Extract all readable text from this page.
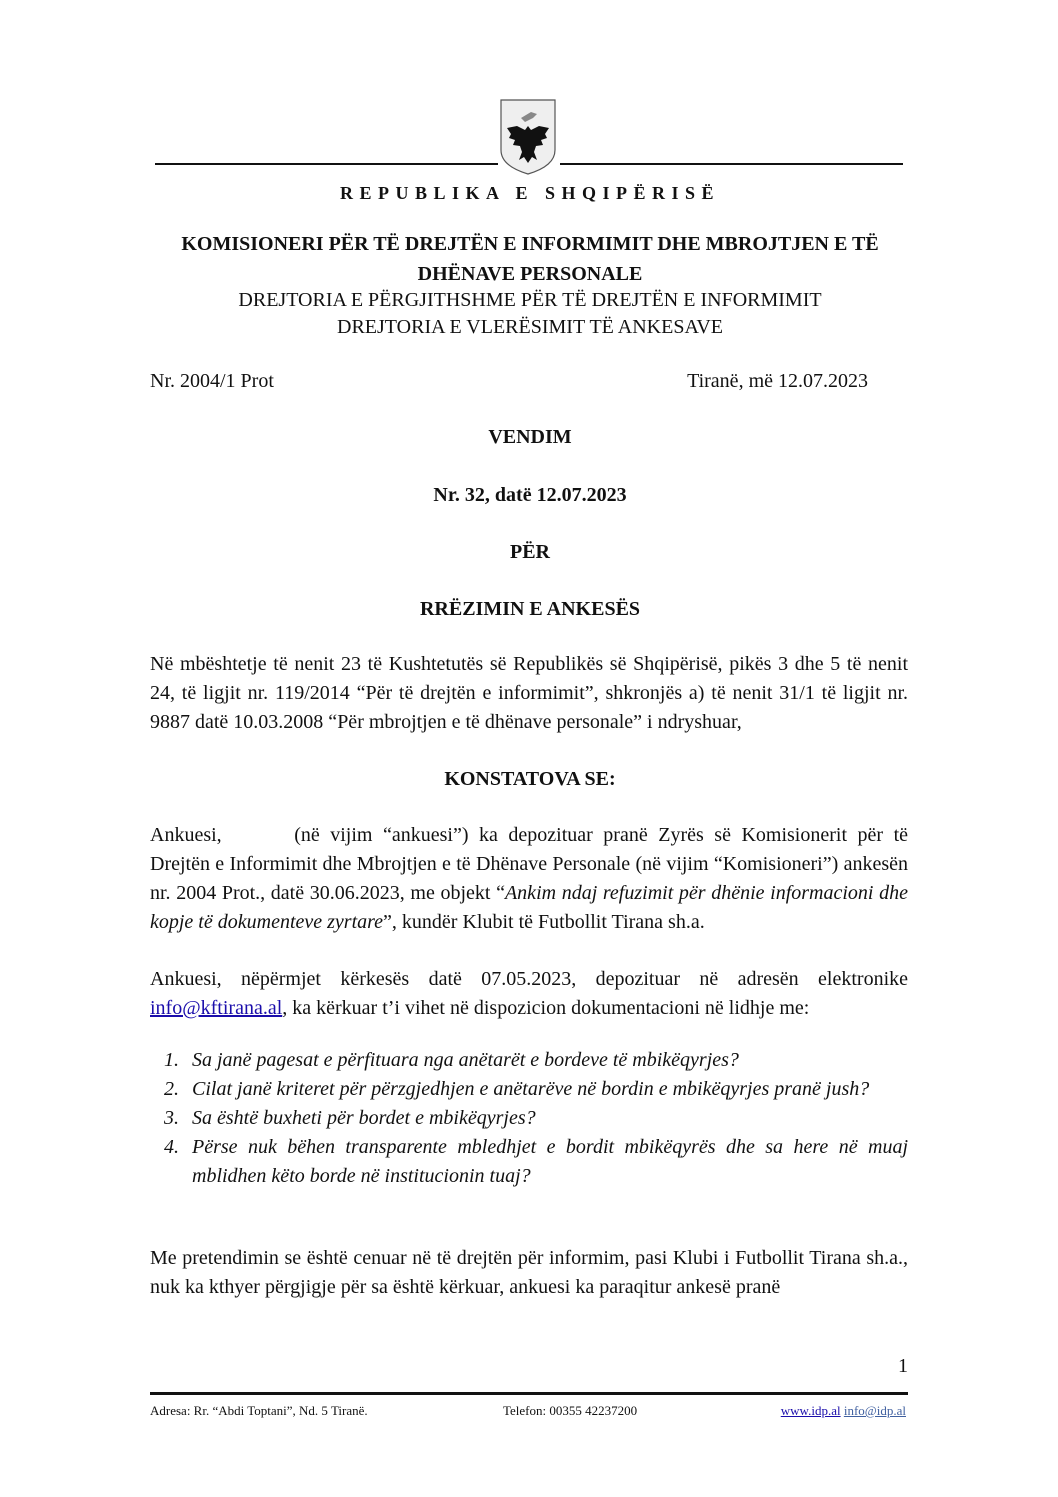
REPUBLIKA E SHQIPËRISË
KOMISIONERI PËR TË DREJTËN E INFORMIMIT DHE MBROJTJEN E TË
DHËNAVE PERSONALE
DREJTORIA E PËRGJITHSHME PËR TË DREJTËN E INFORMIMIT
DREJTORIA E VLERËSIMIT TË ANKESAVE
Nr. 2004/1 Prot	Tiranë, më 12.07.2023
VENDIM
Nr. 32, datë 12.07.2023
PËR
RRËZIMIN E ANKESËS
Në mbështetje të nenit 23 të Kushtetutës së Republikës së Shqipërisë, pikës 3 dhe 5 të nenit 24, të ligjit nr. 119/2014 “Për të drejtën e informimit”, shkronjës a) të nenit 31/1 të ligjit nr. 9887 datë 10.03.2008 “Për mbrojtjen e të dhënave personale” i ndryshuar,
KONSTATOVA SE:
Ankuesi,	(në vijim “ankuesi”) ka depozituar pranë Zyrës së Komisionerit për të Drejtën e Informimit dhe Mbrojtjen e të Dhënave Personale (në vijim “Komisioneri”) ankesën nr. 2004 Prot., datë 30.06.2023, me objekt “Ankim ndaj refuzimit për dhënie informacioni dhe kopje të dokumenteve zyrtare”, kundër Klubit të Futbollit Tirana sh.a.
Ankuesi, nëpërmjet kërkesës datë 07.05.2023, depozituar në adresën elektronike info@kftirana.al, ka kërkuar t’i vihet në dispozicion dokumentacioni në lidhje me:
1. Sa janë pagesat e përfituara nga anëtarët e bordeve të mbikëqyrjes?
2. Cilat janë kriteret për përzgjedhjen e anëtarëve në bordin e mbikëqyrjes pranë jush?
3. Sa është buxheti për bordet e mbikëqyrjes?
4. Përse nuk bëhen transparente mbledhjet e bordit mbikëqyrës dhe sa here në muaj mblidhen këto borde në institucionin tuaj?
Me pretendimin se është cenuar në të drejtën për informim, pasi Klubi i Futbollit Tirana sh.a., nuk ka kthyer përgjigje për sa është kërkuar, ankuesi ka paraqitur ankesë pranë
1
Adresa: Rr. “Abdi Toptani”, Nd. 5 Tiranë.	Telefon: 00355 42237200	www.idp.al info@idp.al
